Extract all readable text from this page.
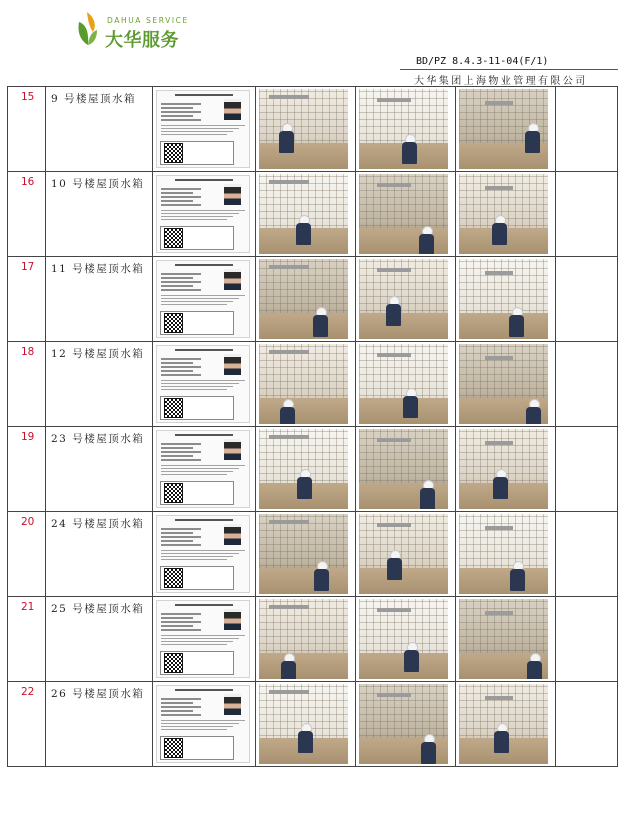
DAHUA SERVICE
大华服务
BD/PZ 8.4.3-11-04(F/1)
大华集团上海物业管理有限公司
15	9 号楼屋顶水箱					

16	10 号楼屋顶水箱					

17	11 号楼屋顶水箱					

18	12 号楼屋顶水箱					

19	23 号楼屋顶水箱					

20	24 号楼屋顶水箱					

21	25 号楼屋顶水箱					

22	26 号楼屋顶水箱					
